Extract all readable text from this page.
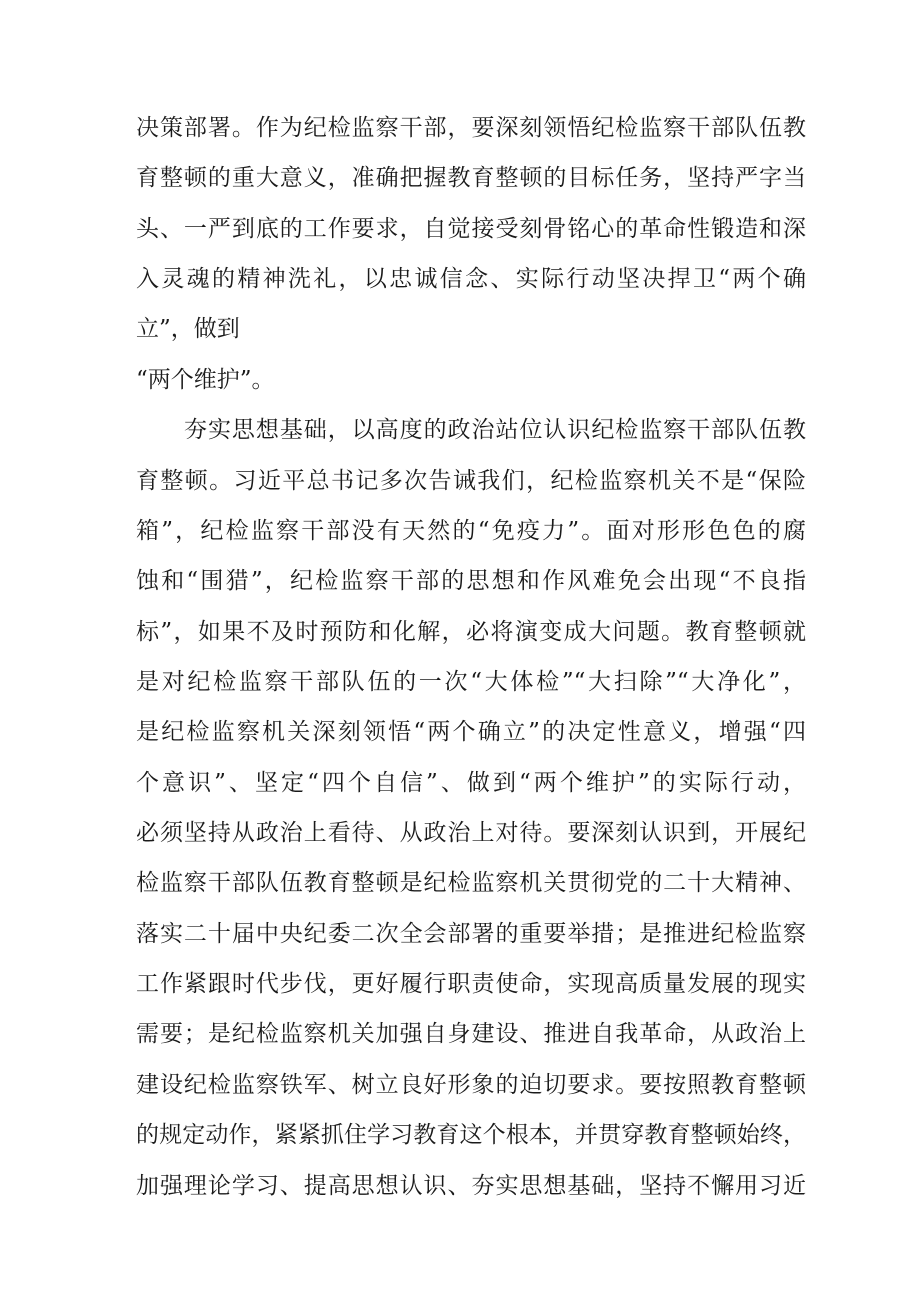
决策部署。作为纪检监察干部，要深刻领悟纪检监察干部队伍教
育整顿的重大意义，准确把握教育整顿的目标任务，坚持严字当
头、一严到底的工作要求，自觉接受刻骨铭心的革命性锻造和深
入灵魂的精神洗礼，以忠诚信念、实际行动坚决捍卫“两个确
立”，做到
“两个维护”。
夯实思想基础，以高度的政治站位认识纪检监察干部队伍教
育整顿。习近平总书记多次告诫我们，纪检监察机关不是“保险
箱”，纪检监察干部没有天然的“免疫力”。面对形形色色的腐
蚀和“围猎”，纪检监察干部的思想和作风难免会出现“不良指
标”，如果不及时预防和化解，必将演变成大问题。教育整顿就
是对纪检监察干部队伍的一次“大体检”“大扫除”“大净化”，
是纪检监察机关深刻领悟“两个确立”的决定性意义，增强“四
个意识”、坚定“四个自信”、做到“两个维护”的实际行动，
必须坚持从政治上看待、从政治上对待。要深刻认识到，开展纪
检监察干部队伍教育整顿是纪检监察机关贯彻党的二十大精神、
落实二十届中央纪委二次全会部署的重要举措；是推进纪检监察
工作紧跟时代步伐，更好履行职责使命，实现高质量发展的现实
需要；是纪检监察机关加强自身建设、推进自我革命，从政治上
建设纪检监察铁军、树立良好形象的迫切要求。要按照教育整顿
的规定动作，紧紧抓住学习教育这个根本，并贯穿教育整顿始终，
加强理论学习、提高思想认识、夯实思想基础，坚持不懈用习近
